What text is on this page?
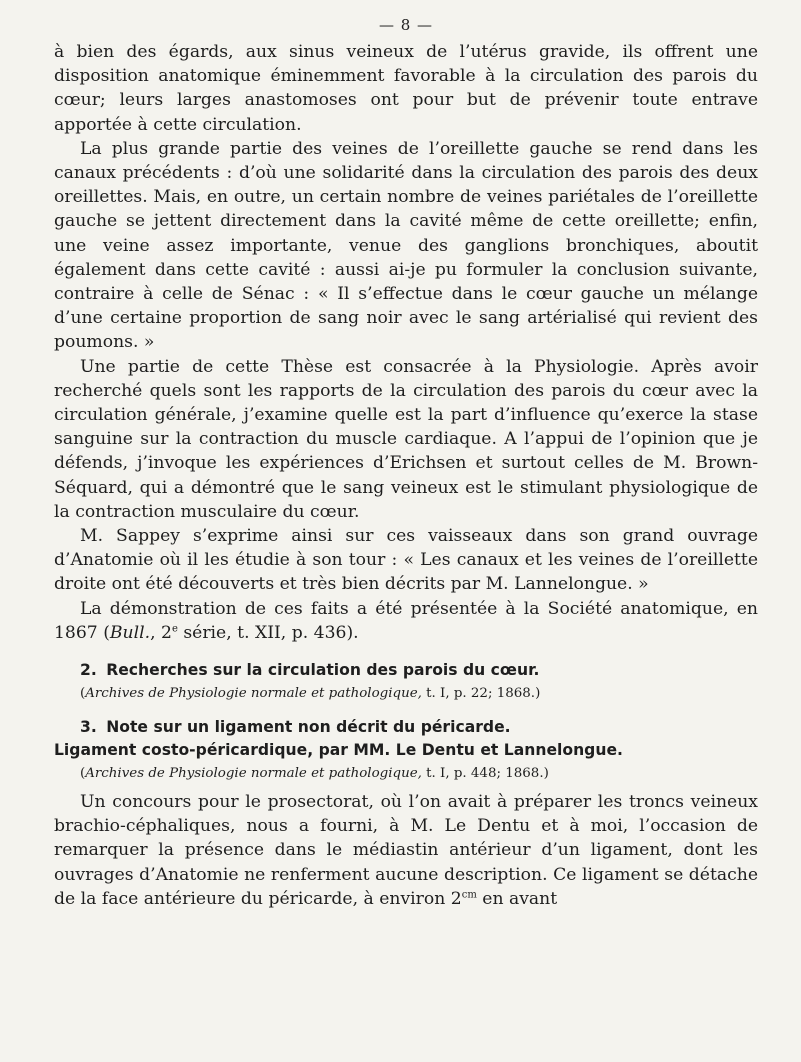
— 8 —

à bien des égards, aux sinus veineux de l’utérus gravide, ils offrent une disposition anatomique éminemment favorable à la circulation des parois du cœur; leurs larges anastomoses ont pour but de prévenir toute entrave apportée à cette circulation.

La plus grande partie des veines de l’oreillette gauche se rend dans les canaux précédents : d’où une solidarité dans la circulation des parois des deux oreillettes. Mais, en outre, un certain nombre de veines pariétales de l’oreillette gauche se jettent directement dans la cavité même de cette oreillette; enfin, une veine assez importante, venue des ganglions bronchiques, aboutit également dans cette cavité : aussi ai-je pu formuler la conclusion suivante, contraire à celle de Sénac : « Il s’effectue dans le cœur gauche un mélange d’une certaine proportion de sang noir avec le sang artérialisé qui revient des poumons. »

Une partie de cette Thèse est consacrée à la Physiologie. Après avoir recherché quels sont les rapports de la circulation des parois du cœur avec la circulation générale, j’examine quelle est la part d’influence qu’exerce la stase sanguine sur la contraction du muscle cardiaque. A l’appui de l’opinion que je défends, j’invoque les expériences d’Erichsen et surtout celles de M. Brown-Séquard, qui a démontré que le sang veineux est le stimulant physiologique de la contraction musculaire du cœur.

M. Sappey s’exprime ainsi sur ces vaisseaux dans son grand ouvrage d’Anatomie où il les étudie à son tour : « Les canaux et les veines de l’oreillette droite ont été découverts et très bien décrits par M. Lannelongue. »

La démonstration de ces faits a été présentée à la Société anatomique, en 1867 (Bull., 2e série, t. XII, p. 436).

2. Recherches sur la circulation des parois du cœur.

(Archives de Physiologie normale et pathologique, t. I, p. 22; 1868.)

3. Note sur un ligament non décrit du péricarde.

Ligament costo-péricardique, par MM. Le Dentu et Lannelongue.

(Archives de Physiologie normale et pathologique, t. I, p. 448; 1868.)

Un concours pour le prosectorat, où l’on avait à préparer les troncs veineux brachio-céphaliques, nous a fourni, à M. Le Dentu et à moi, l’occasion de remarquer la présence dans le médiastin antérieur d’un ligament, dont les ouvrages d’Anatomie ne renferment aucune description. Ce ligament se détache de la face antérieure du péricarde, à environ $2^{cm}$ en avant
